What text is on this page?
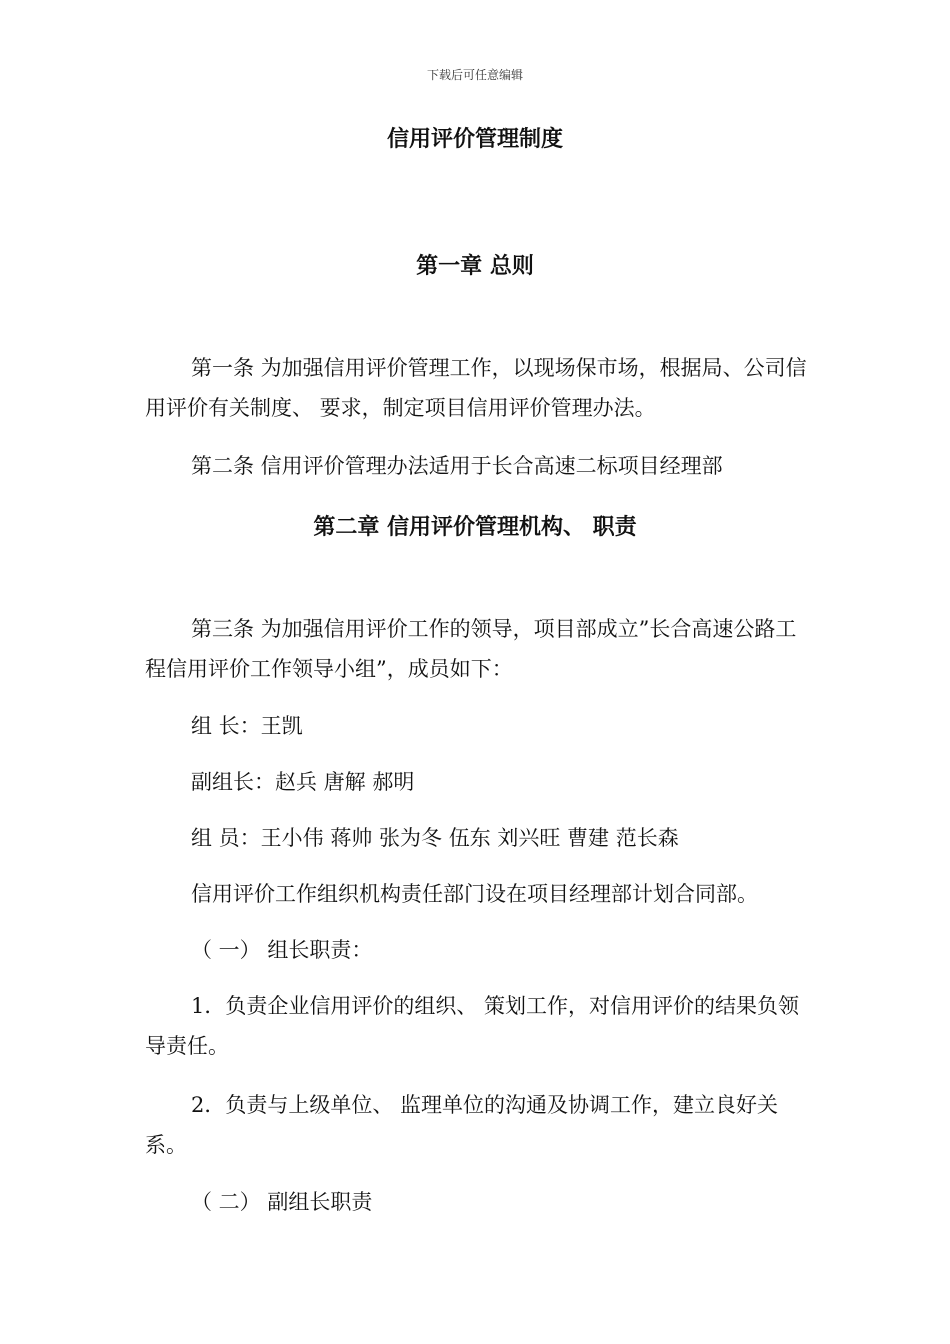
下载后可任意编辑
信用评价管理制度
第一章 总则
第一条 为加强信用评价管理工作，以现场保市场，根据局、公司信用评价有关制度、 要求，制定项目信用评价管理办法。
第二条 信用评价管理办法适用于长合高速二标项目经理部
第二章 信用评价管理机构、 职责
第三条 为加强信用评价工作的领导，项目部成立”长合高速公路工程信用评价工作领导小组”，成员如下：
组 长：王凯
副组长：赵兵 唐解 郝明
组 员：王小伟 蒋帅 张为冬 伍东 刘兴旺 曹建 范长森
信用评价工作组织机构责任部门设在项目经理部计划合同部。
（ 一） 组长职责：
1．负责企业信用评价的组织、 策划工作，对信用评价的结果负领导责任。
2．负责与上级单位、 监理单位的沟通及协调工作，建立良好关系。
（ 二） 副组长职责
